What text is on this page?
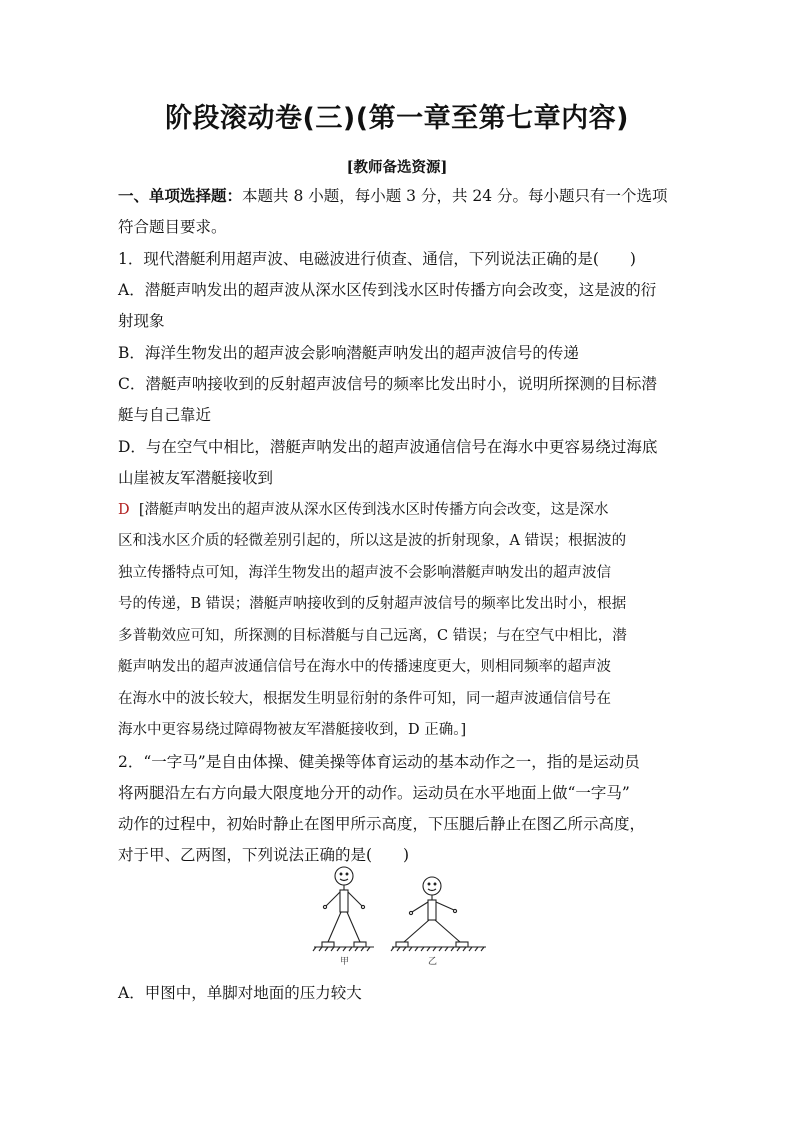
阶段滚动卷(三)(第一章至第七章内容)
[教师备选资源]
一、单项选择题：本题共 8 小题，每小题 3 分，共 24 分。每小题只有一个选项
符合题目要求。
1．现代潜艇利用超声波、电磁波进行侦查、通信，下列说法正确的是(　　)
A．潜艇声呐发出的超声波从深水区传到浅水区时传播方向会改变，这是波的衍
射现象
B．海洋生物发出的超声波会影响潜艇声呐发出的超声波信号的传递
C．潜艇声呐接收到的反射超声波信号的频率比发出时小，说明所探测的目标潜
艇与自己靠近
D．与在空气中相比，潜艇声呐发出的超声波通信信号在海水中更容易绕过海底
山崖被友军潜艇接收到
D [潜艇声呐发出的超声波从深水区传到浅水区时传播方向会改变，这是深水
区和浅水区介质的轻微差别引起的，所以这是波的折射现象，A 错误；根据波的
独立传播特点可知，海洋生物发出的超声波不会影响潜艇声呐发出的超声波信
号的传递，B 错误；潜艇声呐接收到的反射超声波信号的频率比发出时小，根据
多普勒效应可知，所探测的目标潜艇与自己远离，C 错误；与在空气中相比，潜
艇声呐发出的超声波通信信号在海水中的传播速度更大，则相同频率的超声波
在海水中的波长较大，根据发生明显衍射的条件可知，同一超声波通信信号在
海水中更容易绕过障碍物被友军潜艇接收到，D 正确。]
2．“一字马”是自由体操、健美操等体育运动的基本动作之一，指的是运动员
将两腿沿左右方向最大限度地分开的动作。运动员在水平地面上做“一字马”
动作的过程中，初始时静止在图甲所示高度，下压腿后静止在图乙所示高度，
对于甲、乙两图，下列说法正确的是(　　)
甲	乙
A．甲图中，单脚对地面的压力较大
